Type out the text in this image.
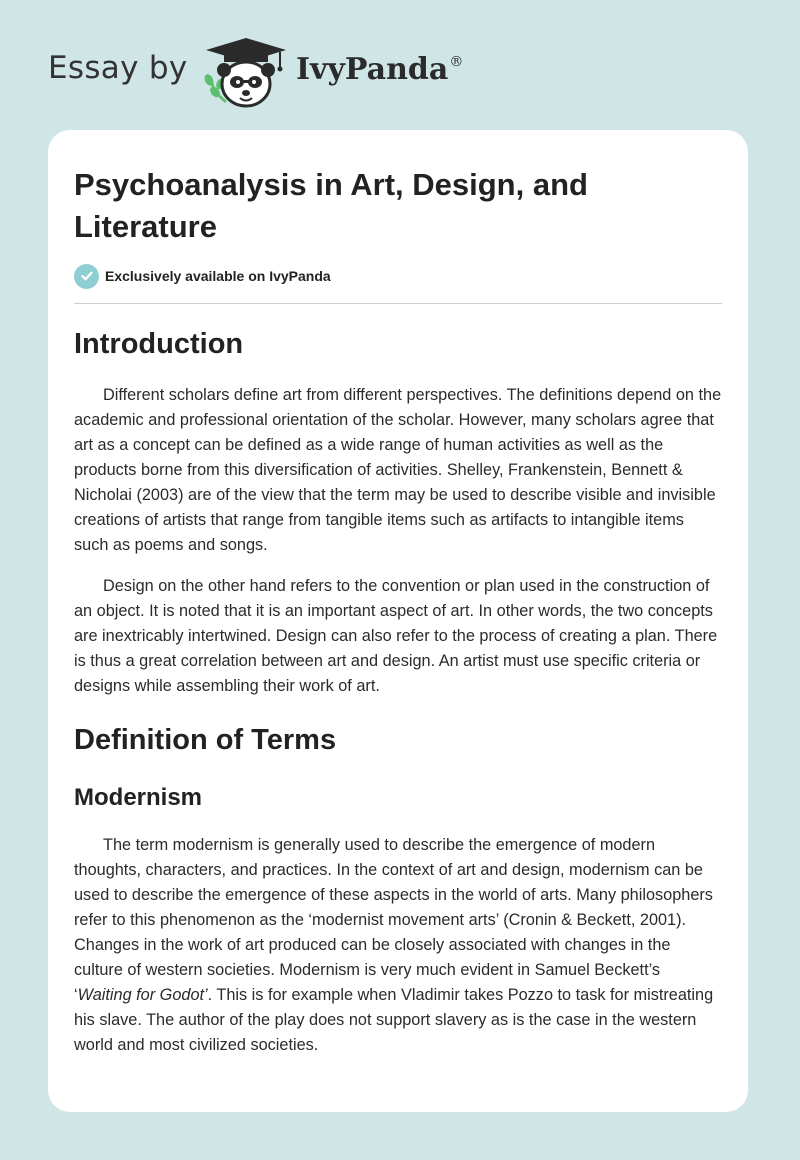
Essay by	IvyPanda®
Psychoanalysis in Art, Design, and Literature
Exclusively available on IvyPanda
Introduction

Different scholars define art from different perspectives. The definitions depend on the academic and professional orientation of the scholar. However, many scholars agree that art as a concept can be defined as a wide range of human activities as well as the products borne from this diversification of activities. Shelley, Frankenstein, Bennett & Nicholai (2003) are of the view that the term may be used to describe visible and invisible creations of artists that range from tangible items such as artifacts to intangible items such as poems and songs.

Design on the other hand refers to the convention or plan used in the construction of an object. It is noted that it is an important aspect of art. In other words, the two concepts are inextricably intertwined. Design can also refer to the process of creating a plan. There is thus a great correlation between art and design. An artist must use specific criteria or designs while assembling their work of art.

Definition of Terms
Modernism

The term modernism is generally used to describe the emergence of modern thoughts, characters, and practices. In the context of art and design, modernism can be used to describe the emergence of these aspects in the world of arts. Many philosophers refer to this phenomenon as the ‘modernist movement arts’ (Cronin & Beckett, 2001). Changes in the work of art produced can be closely associated with changes in the culture of western societies. Modernism is very much evident in Samuel Beckett’s ‘Waiting for Godot’. This is for example when Vladimir takes Pozzo to task for mistreating his slave. The author of the play does not support slavery as is the case in the western world and most civilized societies.
